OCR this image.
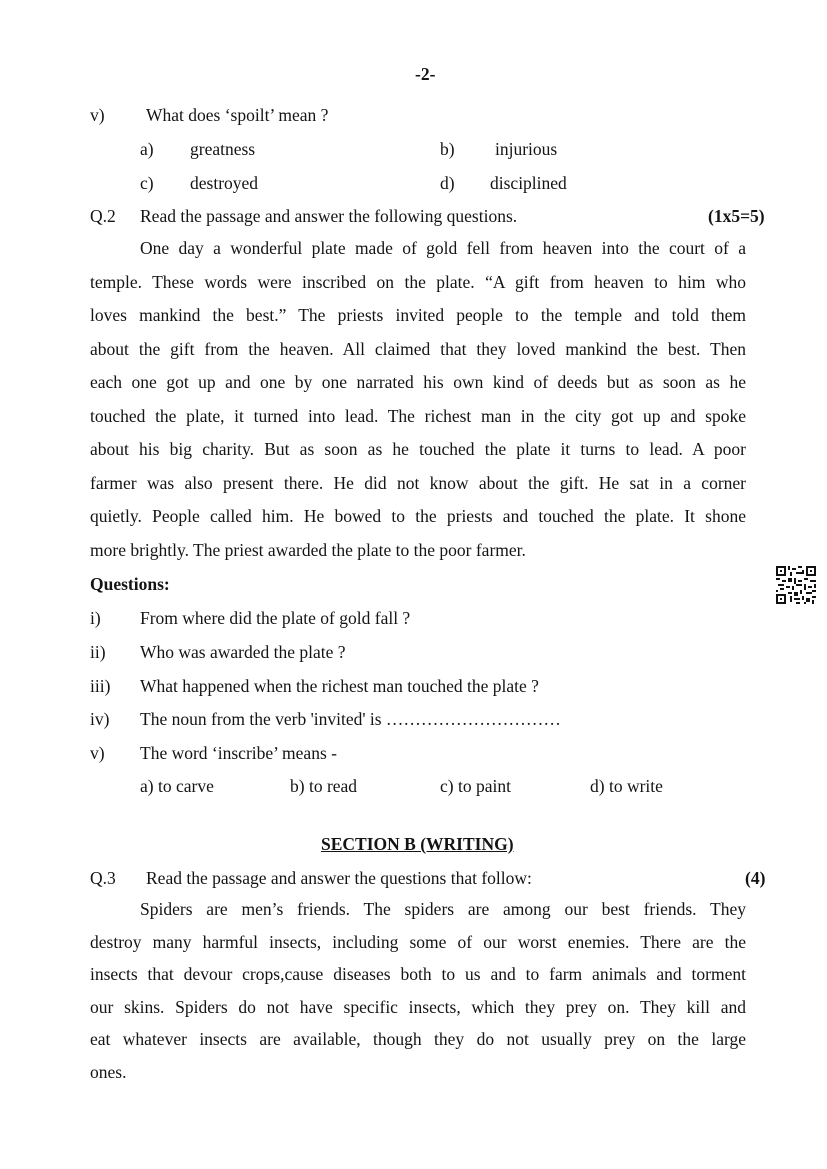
-2-
v) What does ‘spoilt’ mean ?
a) greatness	b) injurious
c) destroyed	d) disciplined
Q.2 Read the passage and answer the following questions.	(1x5=5)
One day a wonderful plate made of gold fell from heaven into the court of a
temple. These words were inscribed on the plate. “A gift from heaven to him who
loves mankind the best.” The priests invited people to the temple and told them
about the gift from the heaven. All claimed that they loved mankind the best. Then
each one got up and one by one narrated his own kind of deeds but as soon as he
touched the plate, it turned into lead. The richest man in the city got up and spoke
about his big charity. But as soon as he touched the plate it turns to lead. A poor
farmer was also present there. He did not know about the gift. He sat in a corner
quietly. People called him. He bowed to the priests and touched the plate. It shone
more brightly. The priest awarded the plate to the poor farmer.
Questions:
i) From where did the plate of gold fall ?
ii) Who was awarded the plate ?
iii) What happened when the richest man touched the plate ?
iv) The noun from the verb 'invited' is …………………………
v) The word ‘inscribe’ means -
a) to carve	b) to read	c) to paint	d) to write
SECTION B (WRITING)
Q.3 Read the passage and answer the questions that follow:	(4)
Spiders are men’s friends. The spiders are among our best friends. They
destroy many harmful insects, including some of our worst enemies. There are the
insects that devour crops,cause diseases both to us and to farm animals and torment
our skins. Spiders do not have specific insects, which they prey on. They kill and
eat whatever insects are available, though they do not usually prey on the large
ones.
